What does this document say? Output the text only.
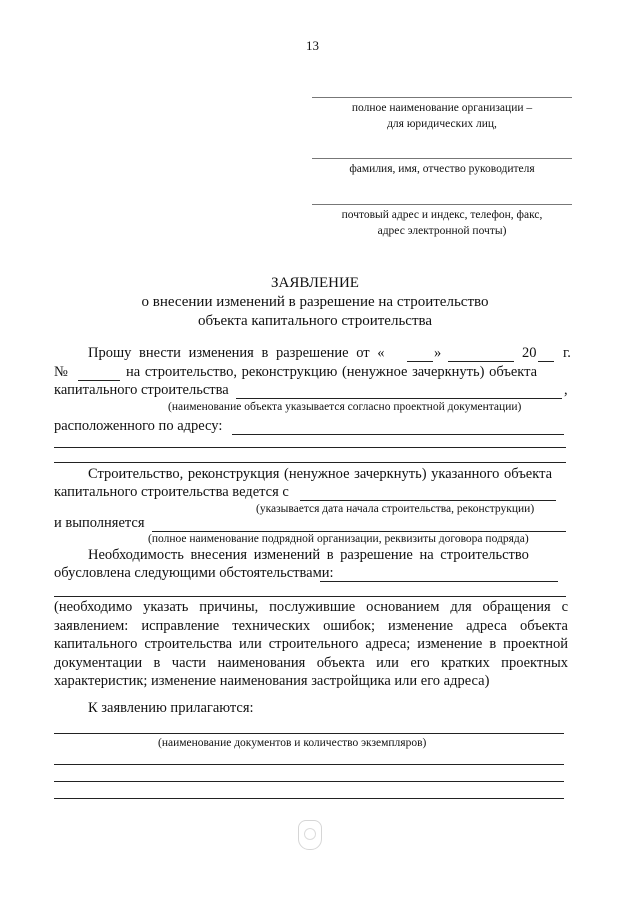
13
полное наименование организации –
для юридических лиц,
фамилия, имя, отчество руководителя
почтовый адрес и индекс, телефон, факс,
адрес электронной почты)
ЗАЯВЛЕНИЕ
о внесении изменений в разрешение на строительство
объекта капитального строительства
Прошу внести изменения в разрешение от «	»	20 г.
№	на строительство, реконструкцию (ненужное зачеркнуть) объекта
капитального строительства	,
(наименование объекта указывается согласно проектной документации)
расположенного по адресу:
Строительство, реконструкция (ненужное зачеркнуть) указанного объекта
капитального строительства ведется с
(указывается дата начала строительства, реконструкции)
и выполняется
(полное наименование подрядной организации, реквизиты договора подряда)
Необходимость внесения изменений в разрешение на строительство
обусловлена следующими обстоятельствами:
(необходимо указать причины, послужившие основанием для обращения с заявлением: исправление технических ошибок; изменение адреса объекта капитального строительства или строительного адреса; изменение в проектной документации в части наименования объекта или его кратких проектных характеристик; изменение наименования застройщика или его адреса)
К заявлению прилагаются:
(наименование документов и количество экземпляров)
